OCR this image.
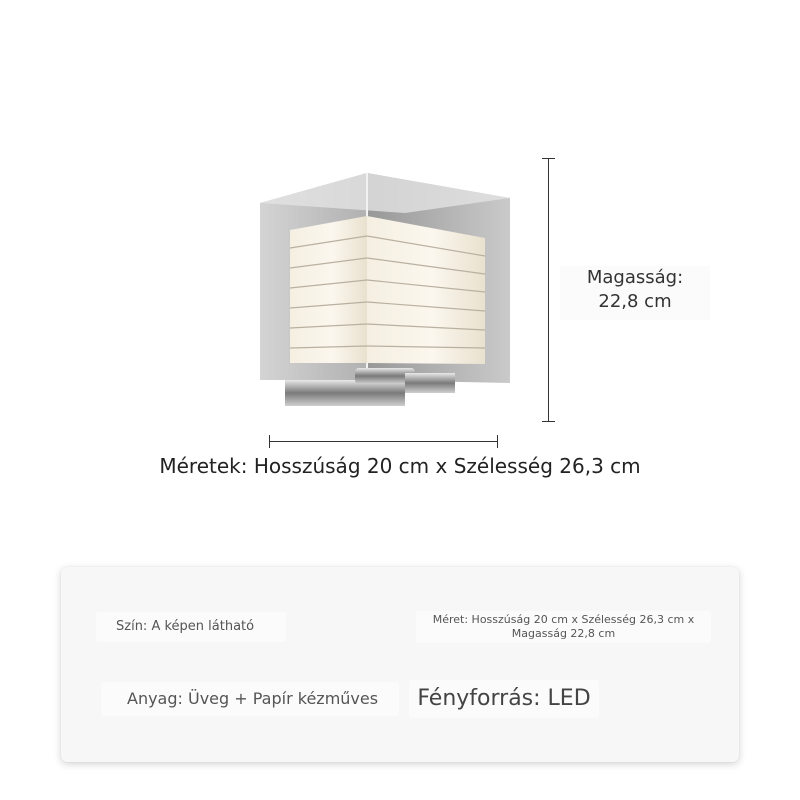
Magasság:
22,8 cm
Méretek: Hosszúság 20 cm x Szélesség 26,3 cm
Szín: A képen látható	Méret: Hosszúság 20 cm x Szélesség 26,3 cm x Magasság 22,8 cm
Anyag: Üveg + Papír kézműves	Fényforrás: LED
